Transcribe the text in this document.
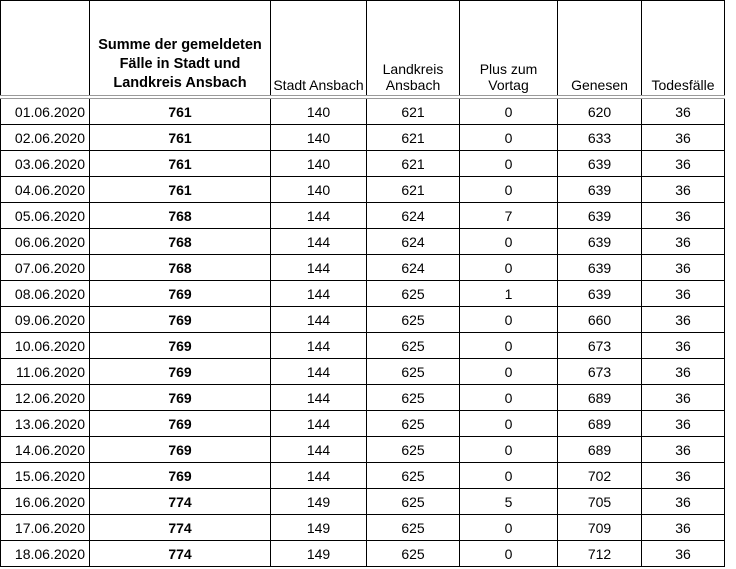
	Summe der gemeldeten Fälle in Stadt und Landkreis Ansbach	Stadt Ansbach	Landkreis Ansbach	Plus zum Vortag	Genesen	Todesfälle
01.06.2020	761	140	621	0	620	36
02.06.2020	761	140	621	0	633	36
03.06.2020	761	140	621	0	639	36
04.06.2020	761	140	621	0	639	36
05.06.2020	768	144	624	7	639	36
06.06.2020	768	144	624	0	639	36
07.06.2020	768	144	624	0	639	36
08.06.2020	769	144	625	1	639	36
09.06.2020	769	144	625	0	660	36
10.06.2020	769	144	625	0	673	36
11.06.2020	769	144	625	0	673	36
12.06.2020	769	144	625	0	689	36
13.06.2020	769	144	625	0	689	36
14.06.2020	769	144	625	0	689	36
15.06.2020	769	144	625	0	702	36
16.06.2020	774	149	625	5	705	36
17.06.2020	774	149	625	0	709	36
18.06.2020	774	149	625	0	712	36
